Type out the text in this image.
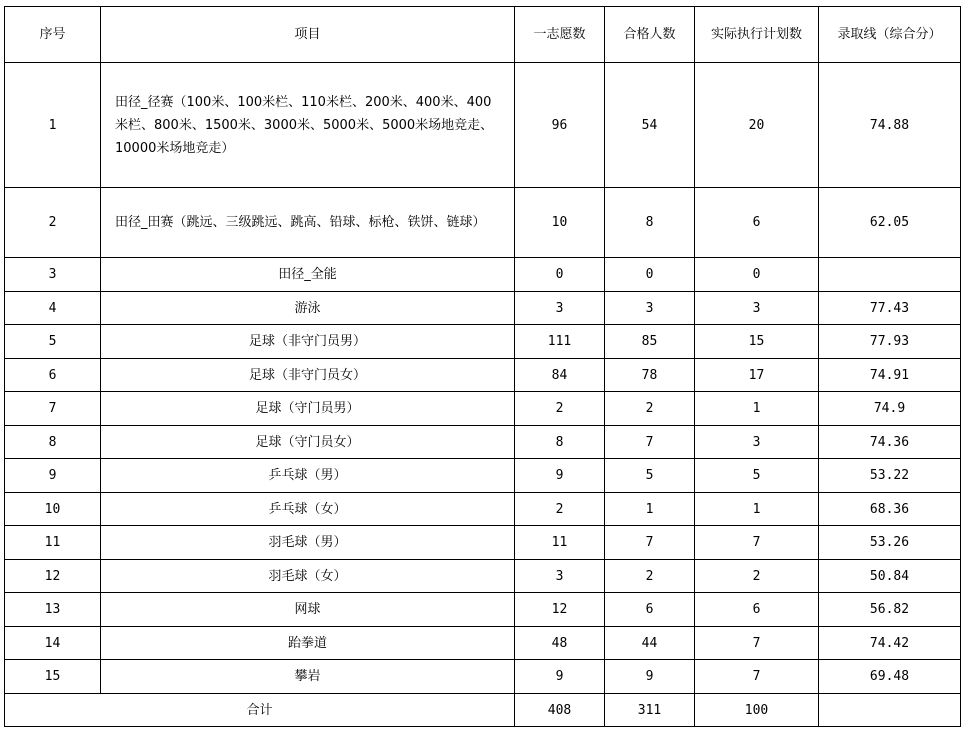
序号	项目	一志愿数	合格人数	实际执行计划数	录取线（综合分）
1	田径_径赛（100米、100米栏、110米栏、200米、400米、400米栏、800米、1500米、3000米、5000米、5000米场地竞走、10000米场地竞走）	96	54	20	74.88
2	田径_田赛（跳远、三级跳远、跳高、铅球、标枪、铁饼、链球）	10	8	6	62.05
3	田径_全能	0	0	0	
4	游泳	3	3	3	77.43
5	足球（非守门员男）	111	85	15	77.93
6	足球（非守门员女）	84	78	17	74.91
7	足球（守门员男）	2	2	1	74.9
8	足球（守门员女）	8	7	3	74.36
9	乒乓球（男）	9	5	5	53.22
10	乒乓球（女）	2	1	1	68.36
11	羽毛球（男）	11	7	7	53.26
12	羽毛球（女）	3	2	2	50.84
13	网球	12	6	6	56.82
14	跆拳道	48	44	7	74.42
15	攀岩	9	9	7	69.48
合计		408	311	100	
